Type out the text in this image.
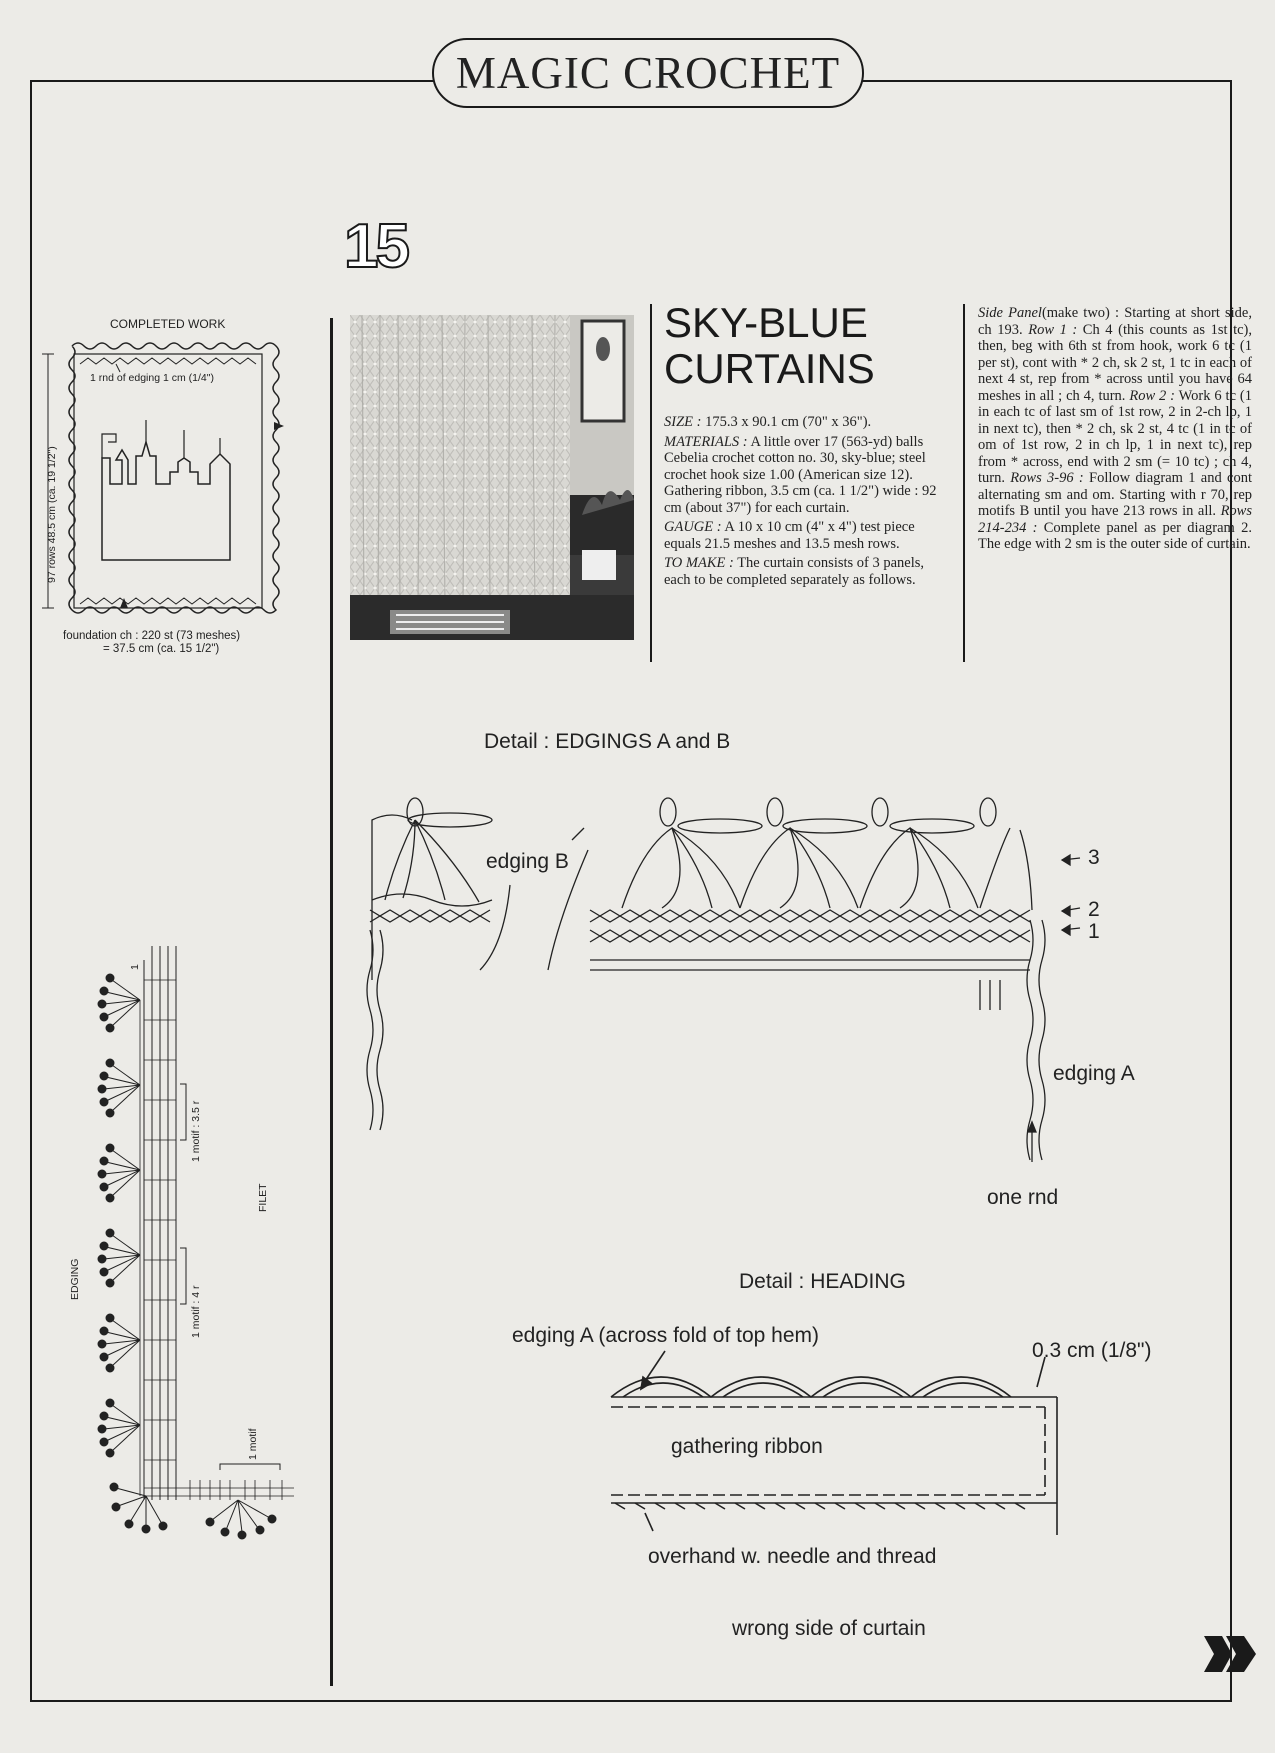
MAGIC CROCHET
15
SKY-BLUE
CURTAINS

SIZE : 175.3 x 90.1 cm (70" x 36").

MATERIALS : A little over 17 (563-yd) balls Cebelia crochet cotton no. 30, sky-blue; steel crochet hook size 1.00 (American size 12). Gathering ribbon, 3.5 cm (ca. 1 1/2") wide : 92 cm (about 37") for each curtain.

GAUGE : A 10 x 10 cm (4" x 4") test piece equals 21.5 meshes and 13.5 mesh rows.

TO MAKE : The curtain consists of 3 panels, each to be completed separately as follows.

Side Panel(make two) : Starting at short side, ch 193. Row 1 : Ch 4 (this counts as 1st tc), then, beg with 6th st from hook, work 6 tc (1 per st), cont with * 2 ch, sk 2 st, 1 tc in each of next 4 st, rep from * across until you have 64 meshes in all ; ch 4, turn. Row 2 : Work 6 tc (1 in each tc of last sm of 1st row, 2 in 2-ch lp, 1 in next tc), then * 2 ch, sk 2 st, 4 tc (1 in tc of om of 1st row, 2 in ch lp, 1 in next tc), rep from * across, end with 2 sm (= 10 tc) ; ch 4, turn. Rows 3-96 : Follow diagram 1 and cont alternating sm and om. Starting with r 70, rep motifs B until you have 213 rows in all. Rows 214-234 : Complete panel as per diagram 2. The edge with 2 sm is the outer side of curtain.

COMPLETED WORK
97 rows 48.5 cm (ca. 19 1/2")
1 rnd of edging 1 cm (1/4")
foundation ch : 220 st (73 meshes)
= 37.5 cm (ca. 15 1/2")
EDGING
FILET
1 motif : 3.5 r
1 motif : 4 r
1 motif
1
Detail : EDGINGS A and B
edging B
edging A
3
2
1
one rnd
Detail : HEADING
edging A (across fold of top hem)
0.3 cm (1/8")
gathering ribbon
overhand w. needle and thread
wrong side of curtain
